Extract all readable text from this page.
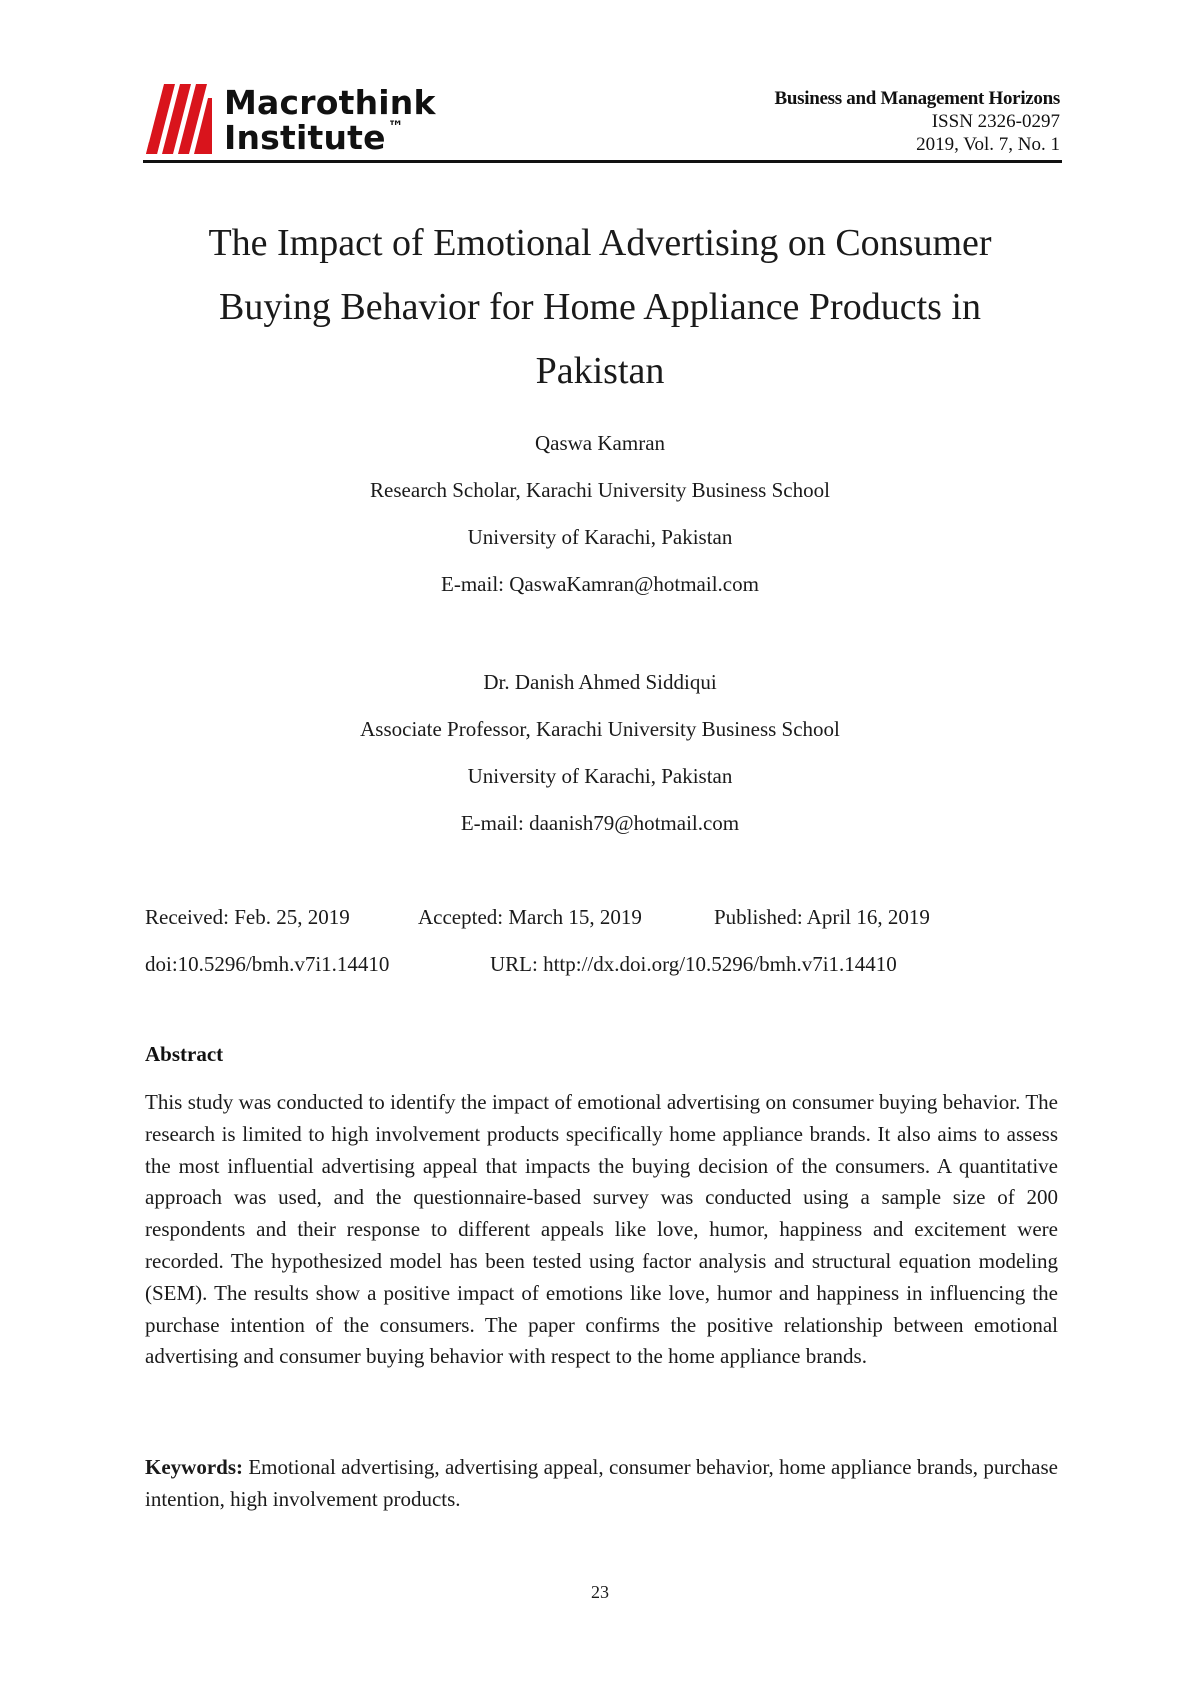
Macrothink
Institute ™
Business and Management Horizons
ISSN 2326-0297
2019, Vol. 7, No. 1
The Impact of Emotional Advertising on Consumer
Buying Behavior for Home Appliance Products in
Pakistan
Qaswa Kamran
Research Scholar, Karachi University Business School
University of Karachi, Pakistan
E-mail: QaswaKamran@hotmail.com
Dr. Danish Ahmed Siddiqui
Associate Professor, Karachi University Business School
University of Karachi, Pakistan
E-mail: daanish79@hotmail.com
Received: Feb. 25, 2019	Accepted: March 15, 2019	Published: April 16, 2019
doi:10.5296/bmh.v7i1.14410	URL: http://dx.doi.org/10.5296/bmh.v7i1.14410
Abstract
This study was conducted to identify the impact of emotional advertising on consumer buying behavior. The research is limited to high involvement products specifically home appliance brands. It also aims to assess the most influential advertising appeal that impacts the buying decision of the consumers. A quantitative approach was used, and the questionnaire-based survey was conducted using a sample size of 200 respondents and their response to different appeals like love, humor, happiness and excitement were recorded. The hypothesized model has been tested using factor analysis and structural equation modeling (SEM). The results show a positive impact of emotions like love, humor and happiness in influencing the purchase intention of the consumers. The paper confirms the positive relationship between emotional advertising and consumer buying behavior with respect to the home appliance brands.
Keywords: Emotional advertising, advertising appeal, consumer behavior, home appliance brands, purchase intention, high involvement products.
23
